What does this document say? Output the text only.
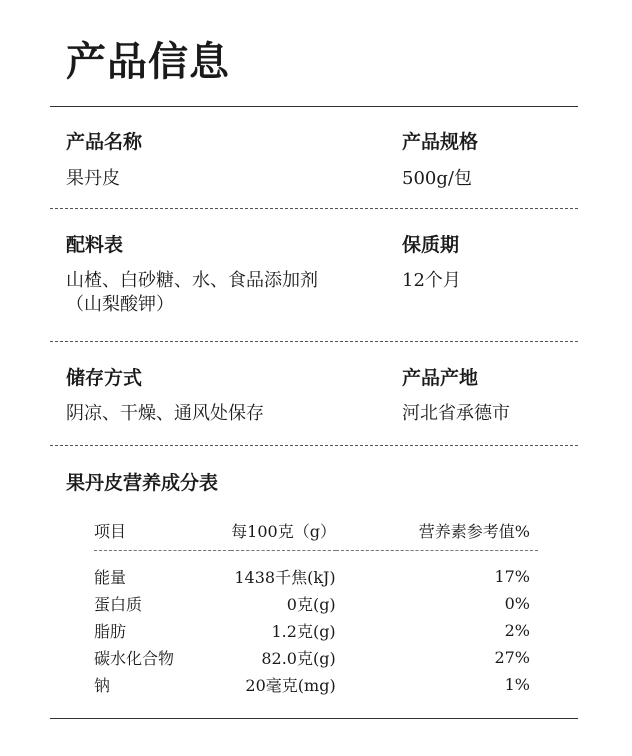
产品信息
产品名称
果丹皮
产品规格
500g/包
配料表
山楂、白砂糖、水、食品添加剂（山梨酸钾）
保质期
12个月
储存方式
阴凉、干燥、通风处保存
产品产地
河北省承德市
果丹皮营养成分表
项目	每100克（g）	营养素参考值%
能量	1438千焦(kJ)	17%
蛋白质	0克(g)	0%
脂肪	1.2克(g)	2%
碳水化合物	82.0克(g)	27%
钠	20毫克(mg)	1%
